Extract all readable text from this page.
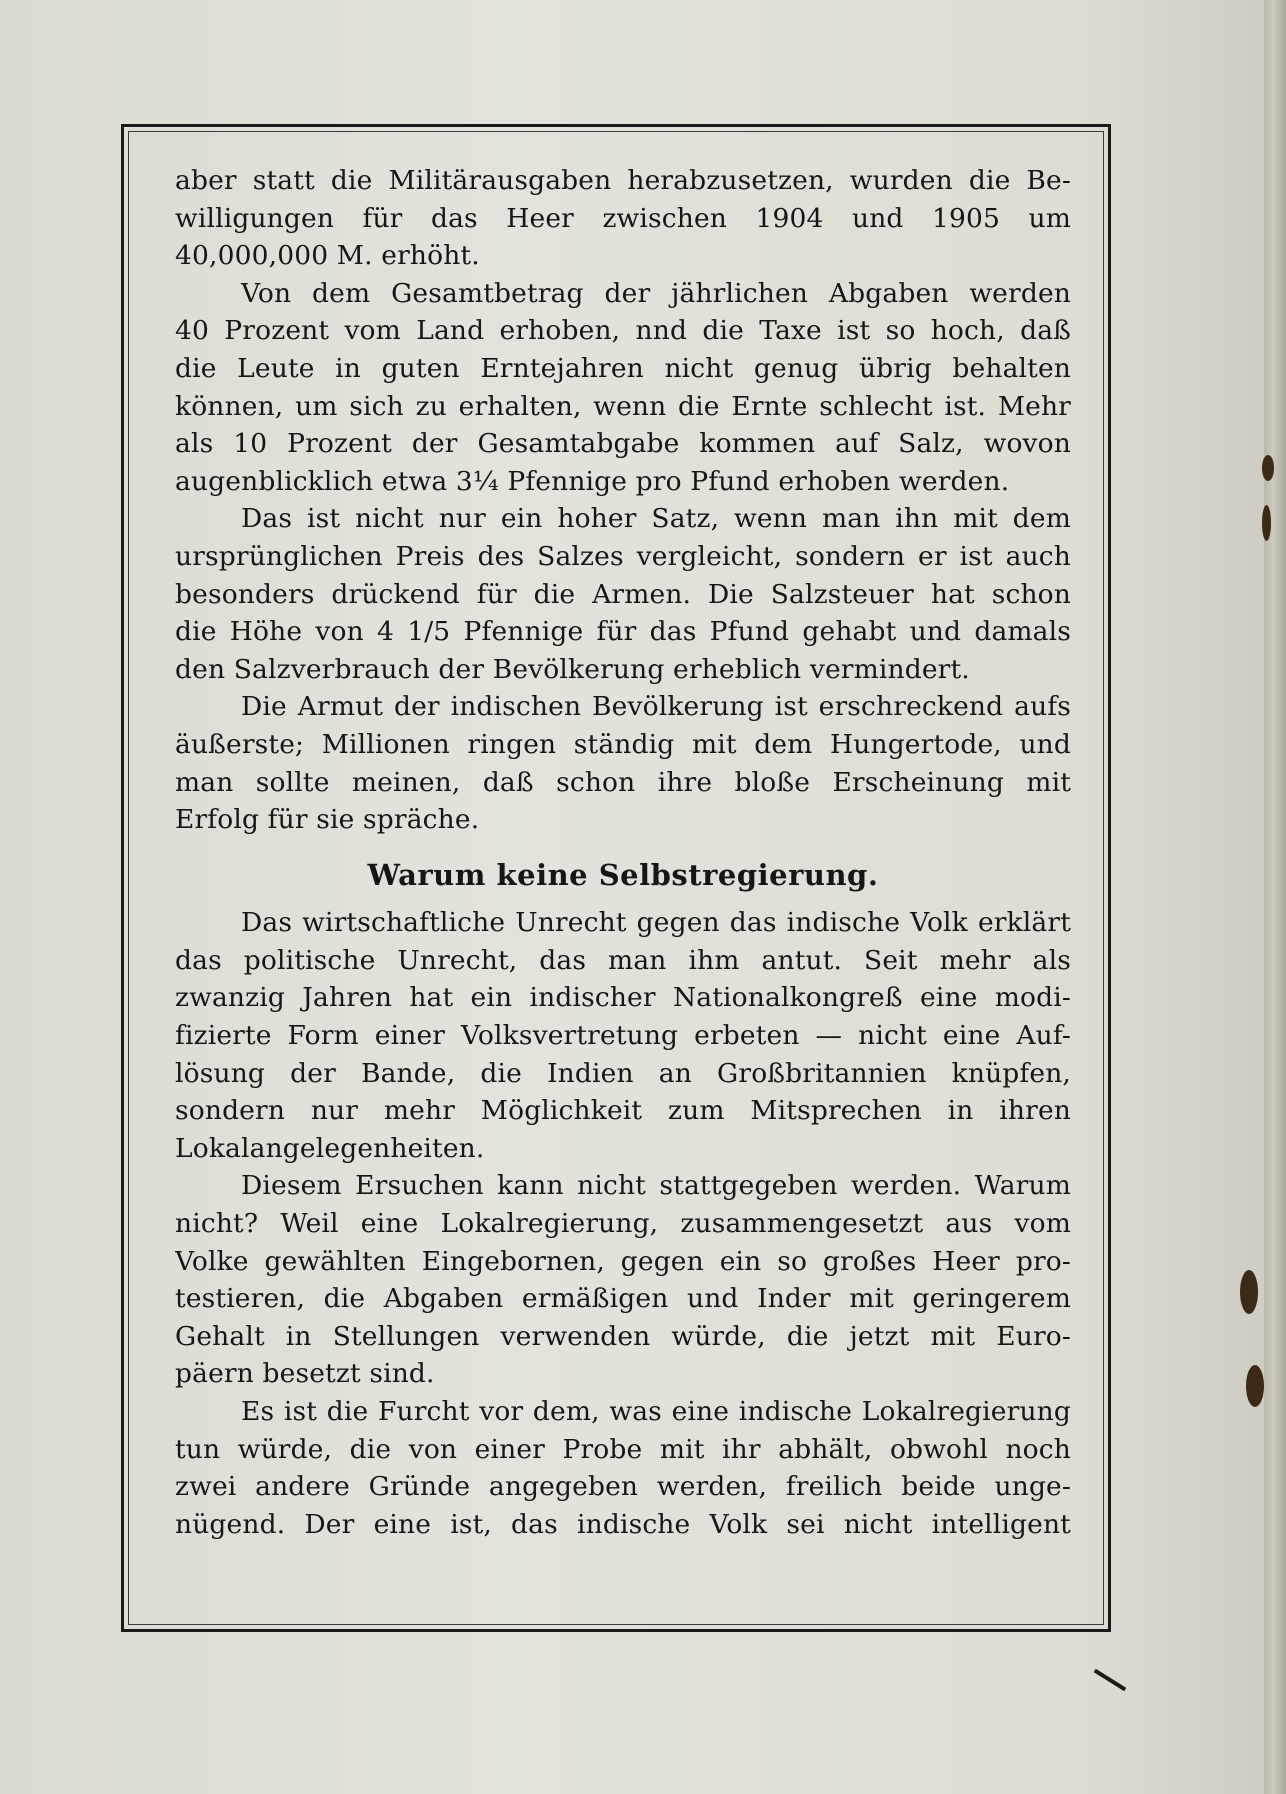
aber statt die Militärausgaben herabzusetzen, wurden die Be-
willigungen für das Heer zwischen 1904 und 1905 um
40,000,000 M. erhöht.
Von dem Gesamtbetrag der jährlichen Abgaben werden
40 Prozent vom Land erhoben, nnd die Taxe ist so hoch, daß
die Leute in guten Erntejahren nicht genug übrig behalten
können, um sich zu erhalten, wenn die Ernte schlecht ist. Mehr
als 10 Prozent der Gesamtabgabe kommen auf Salz, wovon
augenblicklich etwa 3¼ Pfennige pro Pfund erhoben werden.
Das ist nicht nur ein hoher Satz, wenn man ihn mit dem
ursprünglichen Preis des Salzes vergleicht, sondern er ist auch
besonders drückend für die Armen. Die Salzsteuer hat schon
die Höhe von 4 1/5 Pfennige für das Pfund gehabt und damals
den Salzverbrauch der Bevölkerung erheblich vermindert.
Die Armut der indischen Bevölkerung ist erschreckend aufs
äußerste; Millionen ringen ständig mit dem Hungertode, und
man sollte meinen, daß schon ihre bloße Erscheinung mit
Erfolg für sie spräche.
Warum keine Selbstregierung.
Das wirtschaftliche Unrecht gegen das indische Volk erklärt
das politische Unrecht, das man ihm antut. Seit mehr als
zwanzig Jahren hat ein indischer Nationalkongreß eine modi-
fizierte Form einer Volksvertretung erbeten — nicht eine Auf-
lösung der Bande, die Indien an Großbritannien knüpfen,
sondern nur mehr Möglichkeit zum Mitsprechen in ihren
Lokalangelegenheiten.
Diesem Ersuchen kann nicht stattgegeben werden. Warum
nicht? Weil eine Lokalregierung, zusammengesetzt aus vom
Volke gewählten Eingebornen, gegen ein so großes Heer pro-
testieren, die Abgaben ermäßigen und Inder mit geringerem
Gehalt in Stellungen verwenden würde, die jetzt mit Euro-
päern besetzt sind.
Es ist die Furcht vor dem, was eine indische Lokalregierung
tun würde, die von einer Probe mit ihr abhält, obwohl noch
zwei andere Gründe angegeben werden, freilich beide unge-
nügend. Der eine ist, das indische Volk sei nicht intelligent
